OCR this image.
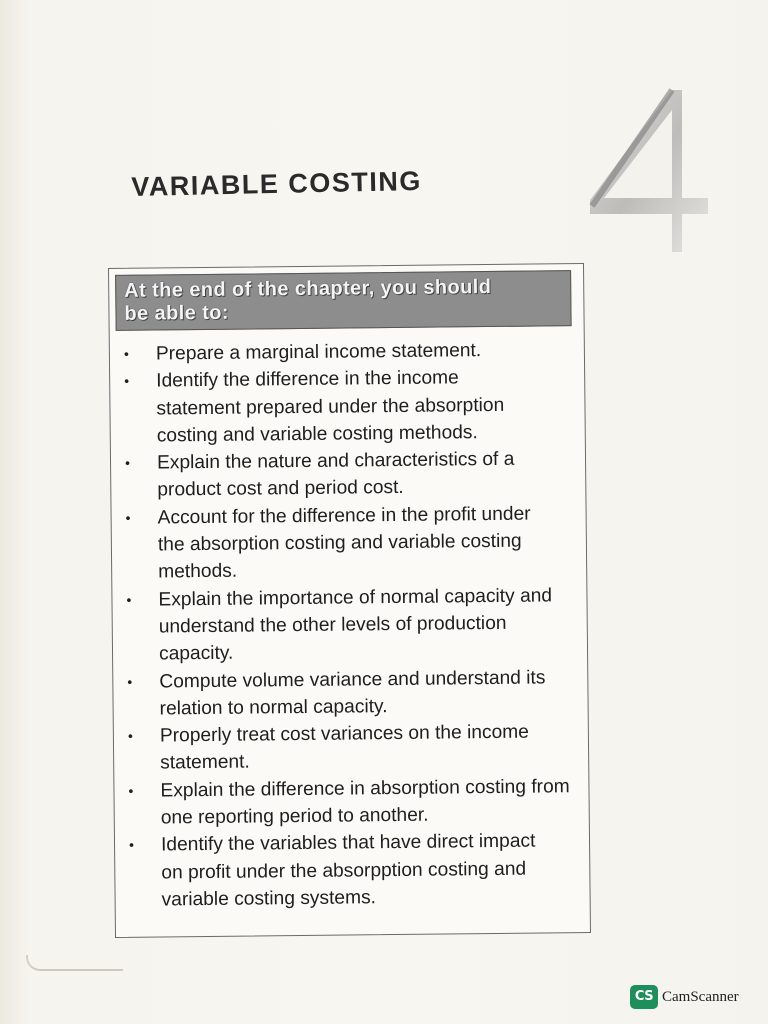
VARIABLE COSTING
At the end of the chapter, you should
be able to:
• Prepare a marginal income statement.
• Identify the difference in the income
statement prepared under the absorption
costing and variable costing methods.
• Explain the nature and characteristics of a
product cost and period cost.
• Account for the difference in the profit under
the absorption costing and variable costing
methods.
• Explain the importance of normal capacity and
understand the other levels of production
capacity.
• Compute volume variance and understand its
relation to normal capacity.
• Properly treat cost variances on the income
statement.
• Explain the difference in absorption costing from
one reporting period to another.
• Identify the variables that have direct impact
on profit under the absorpption costing and
variable costing systems.
CS CamScanner
